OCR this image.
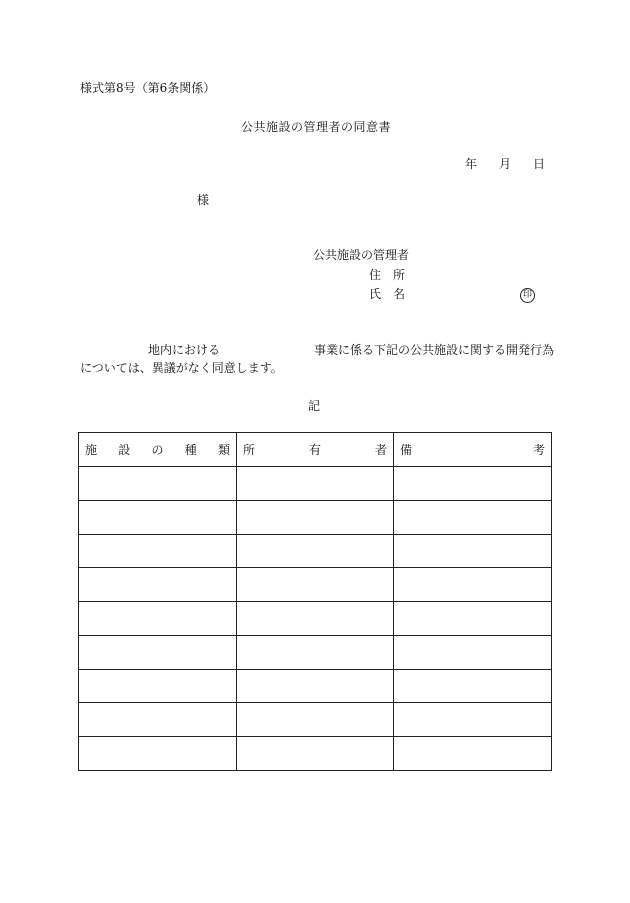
様式第8号（第6条関係）
公共施設の管理者の同意書
年 月 日
様
公共施設の管理者
住 所
氏 名	印
地内における	事業に係る下記の公共施設に関する開発行為
については、異議がなく同意します。
記
施 設 の 種 類	所 有 者	備 考
